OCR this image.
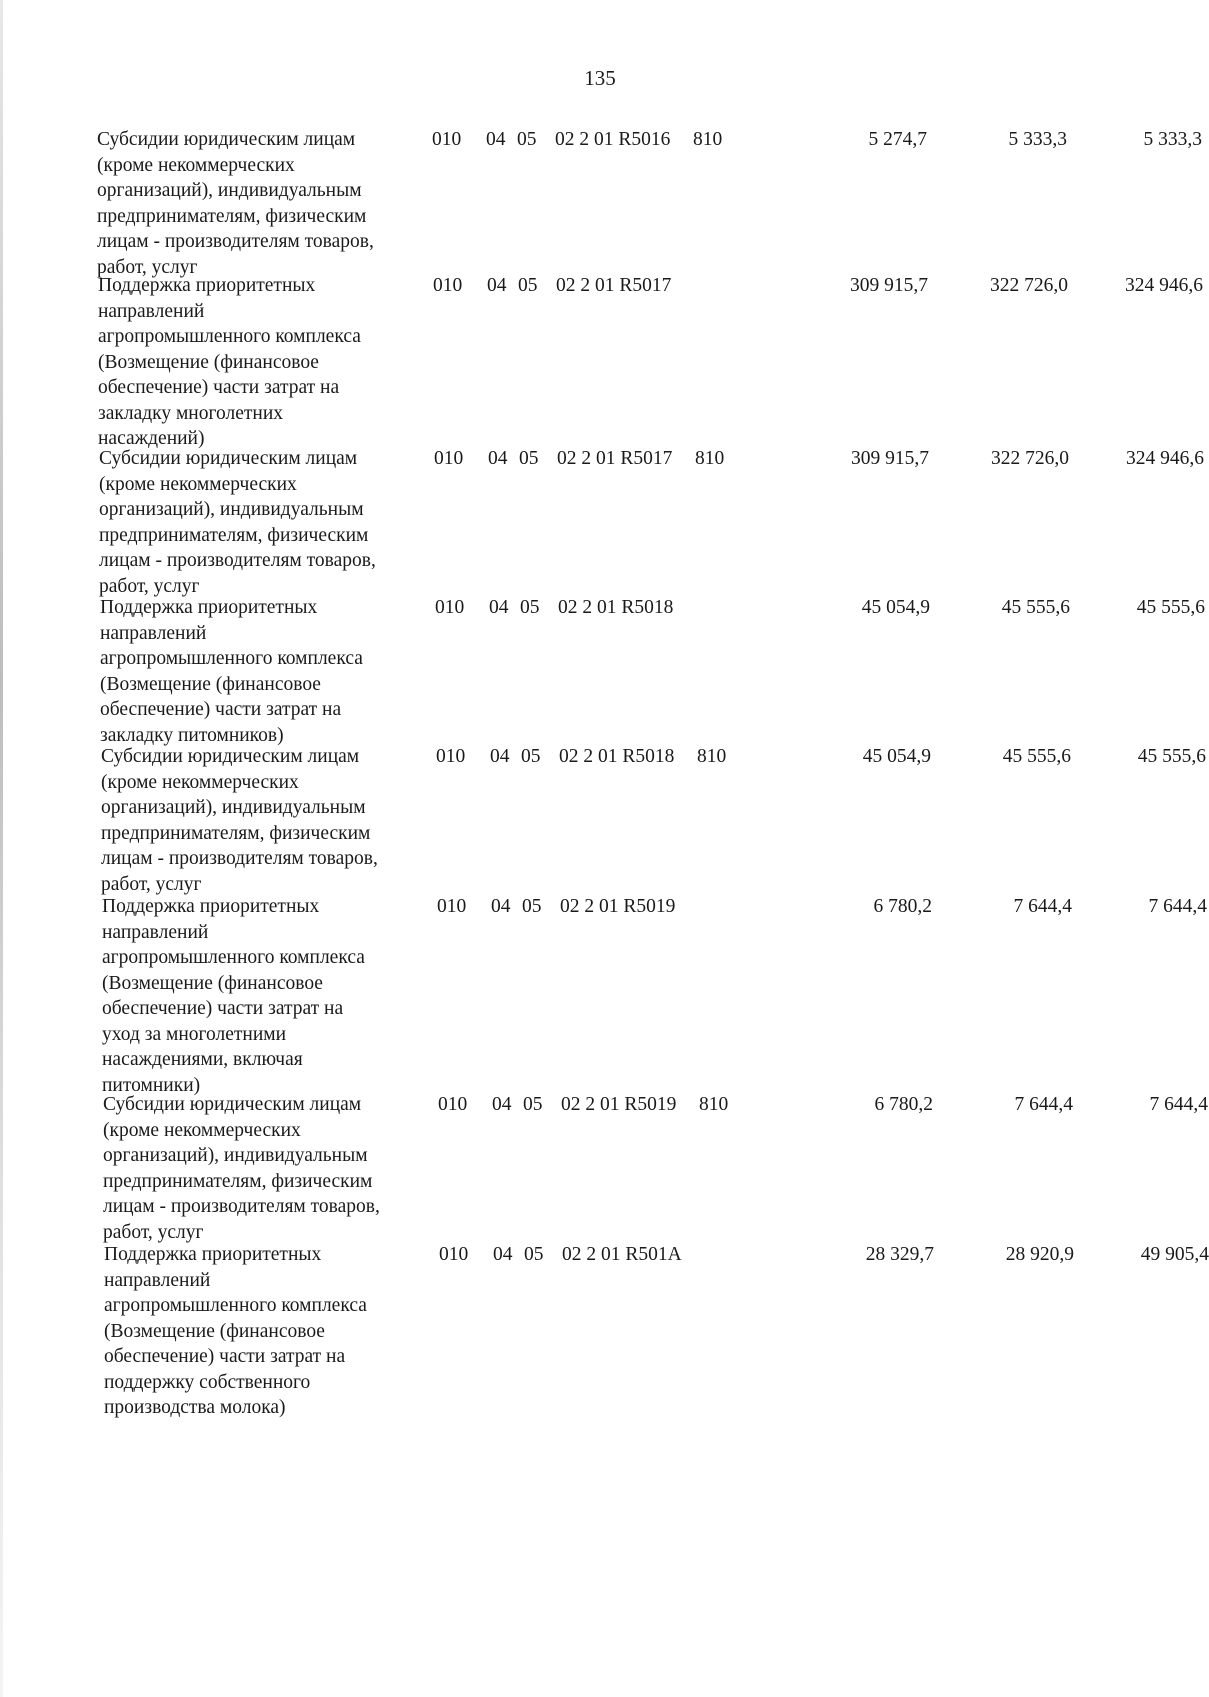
135
Субсидии юридическим лицам
(кроме некоммерческих
организаций), индивидуальным
предпринимателям, физическим
лицам - производителям товаров,
работ, услуг
010 04 05 02 2 01 R5016 810	5 274,7	5 333,3	5 333,3
Поддержка приоритетных
направлений
агропромышленного комплекса
(Возмещение (финансовое
обеспечение) части затрат на
закладку многолетних
насаждений)
010 04 05 02 2 01 R5017	309 915,7	322 726,0	324 946,6
Субсидии юридическим лицам
(кроме некоммерческих
организаций), индивидуальным
предпринимателям, физическим
лицам - производителям товаров,
работ, услуг
010 04 05 02 2 01 R5017 810	309 915,7	322 726,0	324 946,6
Поддержка приоритетных
направлений
агропромышленного комплекса
(Возмещение (финансовое
обеспечение) части затрат на
закладку питомников)
010 04 05 02 2 01 R5018	45 054,9	45 555,6	45 555,6
Субсидии юридическим лицам
(кроме некоммерческих
организаций), индивидуальным
предпринимателям, физическим
лицам - производителям товаров,
работ, услуг
010 04 05 02 2 01 R5018 810	45 054,9	45 555,6	45 555,6
Поддержка приоритетных
направлений
агропромышленного комплекса
(Возмещение (финансовое
обеспечение) части затрат на
уход за многолетними
насаждениями, включая
питомники)
010 04 05 02 2 01 R5019	6 780,2	7 644,4	7 644,4
Субсидии юридическим лицам
(кроме некоммерческих
организаций), индивидуальным
предпринимателям, физическим
лицам - производителям товаров,
работ, услуг
010 04 05 02 2 01 R5019 810	6 780,2	7 644,4	7 644,4
Поддержка приоритетных
направлений
агропромышленного комплекса
(Возмещение (финансовое
обеспечение) части затрат на
поддержку собственного
производства молока)
010 04 05 02 2 01 R501A	28 329,7	28 920,9	49 905,4
